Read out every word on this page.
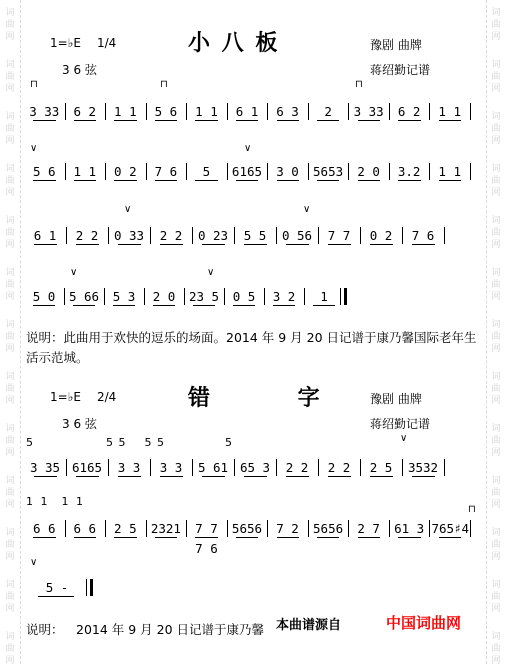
词
曲
网
词
曲
网
词
曲
网
词
曲
网
词
曲
网
词
曲
网
词
曲
网
词
曲
网
词
曲
网
词
曲
网
词
曲
网
词
曲
网
词
曲
网
词
曲
网
词
曲
网
词
曲
网
词
曲
网
词
曲
网
词
曲
网
词
曲
网
词
曲
网
词
曲
网
词
曲
网
词
曲
网
词
曲
网
词
曲
网
1=♭E 1/4	小 八 板	豫剧 曲牌
3 6 弦	蒋绍勤记谱
3 33	6 2	1 1	5 6	1 1	6 1	6 3	2	3 33	6 2	1 1
5 6	1 1	0 2	7 6	5	6165	3 0	5653	2 0	3.2	1 1
6 1	2 2	0 33	2 2	0 23	5 5	0 56	7 7	0 2	7 6
5 0	5 66	5 3	2 0	23 5	0 5	3 2	1
⊓	⊓	⊓
∨	∨
∨	∨
∨	∨
说明：此曲用于欢快的逗乐的场面。2014 年 9 月 20 日记谱于康乃馨国际老年生活示范城。
1=♭E 2/4	错 字 豫剧 曲牌
3 6 弦	蒋绍勤记谱
5	5 5 5 5	5
1 1 1 1
3 35 6165	3 3	3 3	5 61 65 3	2 2	2 2	2 5	3532
6 6	6 6	2 5	2321	7 7 7 6
5656	7 2	5656	2 7	61 3 765♯4
5 -
∨
∨
⊓
说明： 2014 年 9 月 20 日记谱于康乃馨 本曲谱源自	中国词曲网
